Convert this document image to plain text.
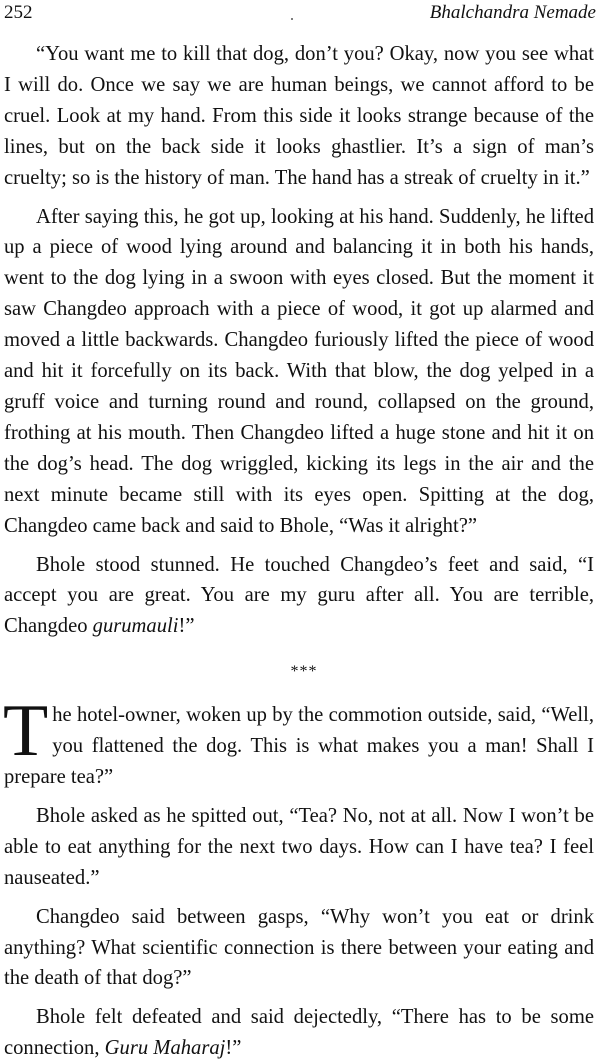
252	Bhalchandra Nemade

“You want me to kill that dog, don’t you? Okay, now you see what I will do. Once we say we are human beings, we cannot afford to be cruel. Look at my hand. From this side it looks strange because of the lines, but on the back side it looks ghastlier. It’s a sign of man’s cruelty; so is the history of man. The hand has a streak of cruelty in it.”

After saying this, he got up, looking at his hand. Suddenly, he lifted up a piece of wood lying around and balancing it in both his hands, went to the dog lying in a swoon with eyes closed. But the moment it saw Changdeo approach with a piece of wood, it got up alarmed and moved a little backwards. Changdeo furiously lifted the piece of wood and hit it forcefully on its back. With that blow, the dog yelped in a gruff voice and turning round and round, collapsed on the ground, frothing at his mouth. Then Changdeo lifted a huge stone and hit it on the dog’s head. The dog wriggled, kicking its legs in the air and the next minute became still with its eyes open. Spitting at the dog, Changdeo came back and said to Bhole, “Was it alright?”

Bhole stood stunned. He touched Changdeo’s feet and said, “I accept you are great. You are my guru after all. You are terrible, Changdeo gurumauli!”

***

The hotel-owner, woken up by the commotion outside, said, “Well, you flattened the dog. This is what makes you a man! Shall I prepare tea?”

Bhole asked as he spitted out, “Tea? No, not at all. Now I won’t be able to eat anything for the next two days. How can I have tea? I feel nauseated.”

Changdeo said between gasps, “Why won’t you eat or drink anything? What scientific connection is there between your eating and the death of that dog?”

Bhole felt defeated and said dejectedly, “There has to be some connection, Guru Maharaj!”
